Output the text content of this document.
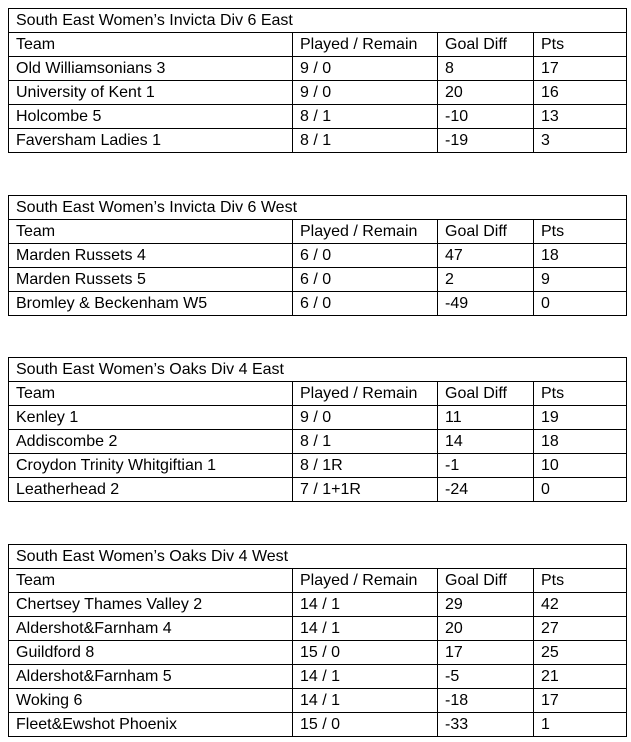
South East Women’s Invicta Div 6 East			
Team	Played / Remain	Goal Diff	Pts
Old Williamsonians 3	9 / 0	8	17
University of Kent 1	9 / 0	20	16
Holcombe 5	8 / 1	-10	13
Faversham Ladies 1	8 / 1	-19	3
South East Women’s Invicta Div 6 West			
Team	Played / Remain	Goal Diff	Pts
Marden Russets 4	6 / 0	47	18
Marden Russets 5	6 / 0	2	9
Bromley & Beckenham W5	6 / 0	-49	0
South East Women’s Oaks Div 4 East			
Team	Played / Remain	Goal Diff	Pts
Kenley 1	9 / 0	11	19
Addiscombe 2	8 / 1	14	18
Croydon Trinity Whitgiftian 1	8 / 1R	-1	10
Leatherhead 2	7 / 1+1R	-24	0
South East Women’s Oaks Div 4 West			
Team	Played / Remain	Goal Diff	Pts
Chertsey Thames Valley 2	14 / 1	29	42
Aldershot&Farnham 4	14 / 1	20	27
Guildford 8	15 / 0	17	25
Aldershot&Farnham 5	14 / 1	-5	21
Woking 6	14 / 1	-18	17
Fleet&Ewshot Phoenix	15 / 0	-33	1
